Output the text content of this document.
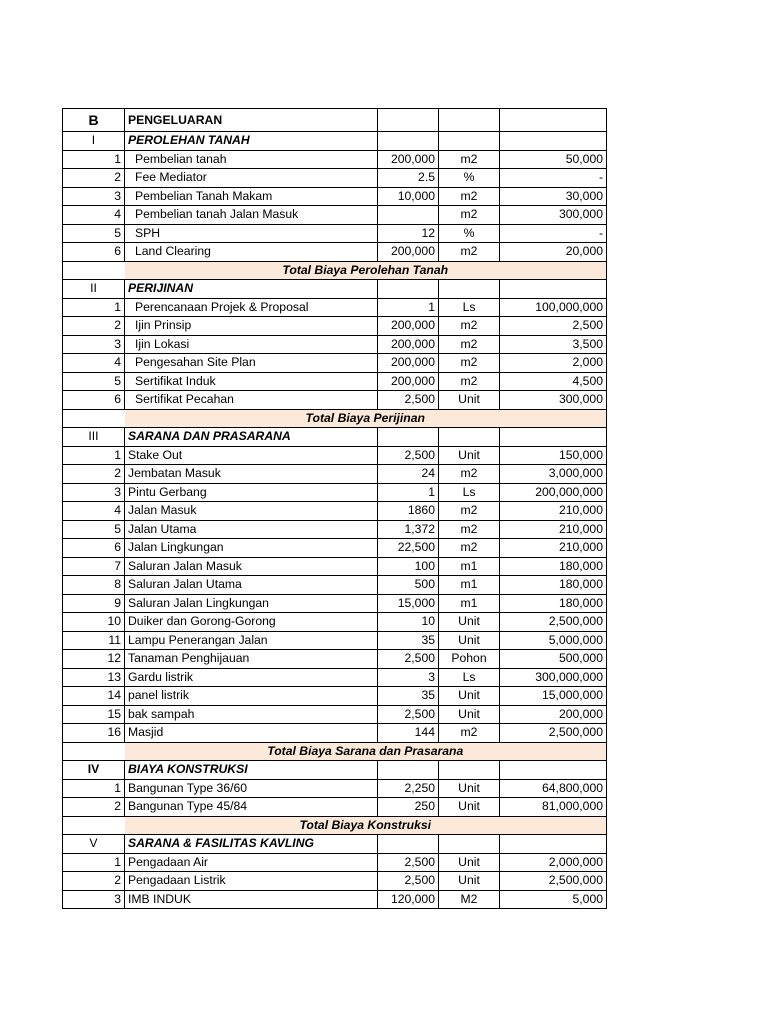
B	PENGELUARAN			
I	PEROLEHAN TANAH			
1	Pembelian tanah	200,000	m2	50,000
2	Fee Mediator	2.5	%	-
3	Pembelian Tanah Makam	10,000	m2	30,000
4	Pembelian tanah Jalan Masuk		m2	300,000
5	SPH	12	%	-
6	Land Clearing	200,000	m2	20,000
	Total Biaya Perolehan Tanah			
II	PERIJINAN			
1	Perencanaan Projek & Proposal	1	Ls	100,000,000
2	Ijin Prinsip	200,000	m2	2,500
3	Ijin Lokasi	200,000	m2	3,500
4	Pengesahan Site Plan	200,000	m2	2,000
5	Sertifikat Induk	200,000	m2	4,500
6	Sertifikat Pecahan	2,500	Unit	300,000
	Total Biaya Perijinan			
III	SARANA DAN PRASARANA			
1	Stake Out	2,500	Unit	150,000
2	Jembatan Masuk	24	m2	3,000,000
3	Pintu Gerbang	1	Ls	200,000,000
4	Jalan Masuk	1860	m2	210,000
5	Jalan Utama	1,372	m2	210,000
6	Jalan Lingkungan	22,500	m2	210,000
7	Saluran Jalan Masuk	100	m1	180,000
8	Saluran Jalan Utama	500	m1	180,000
9	Saluran Jalan Lingkungan	15,000	m1	180,000
10	Duiker dan Gorong-Gorong	10	Unit	2,500,000
11	Lampu Penerangan Jalan	35	Unit	5,000,000
12	Tanaman Penghijauan	2,500	Pohon	500,000
13	Gardu listrik	3	Ls	300,000,000
14	panel listrik	35	Unit	15,000,000
15	bak sampah	2,500	Unit	200,000
16	Masjid	144	m2	2,500,000
	Total Biaya Sarana dan Prasarana			
IV	BIAYA KONSTRUKSI			
1	Bangunan Type 36/60	2,250	Unit	64,800,000
2	Bangunan Type 45/84	250	Unit	81,000,000
	Total Biaya Konstruksi			
V	SARANA & FASILITAS KAVLING			
1	Pengadaan Air	2,500	Unit	2,000,000
2	Pengadaan Listrik	2,500	Unit	2,500,000
3	IMB INDUK	120,000	M2	5,000
